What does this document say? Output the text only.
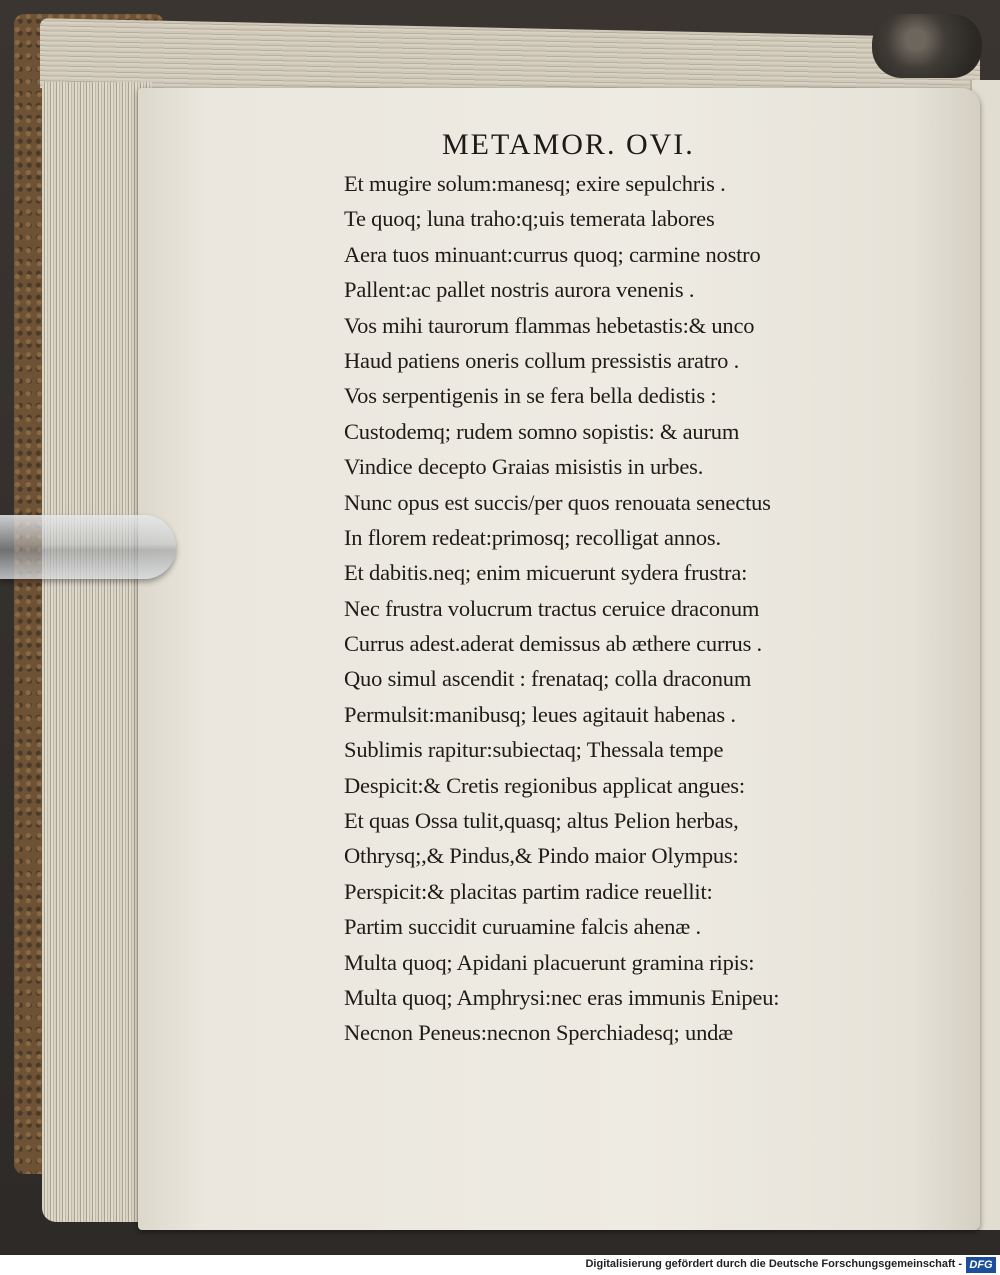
METAMOR. OVI.
Et mugire solum:manesq; exire sepulchris .
Te quoq; luna traho:q;uis temerata labores
Aera tuos minuant:currus quoq; carmine nostro
Pallent:ac pallet nostris aurora venenis .
Vos mihi taurorum flammas hebetastis:& unco
Haud patiens oneris collum pressistis aratro .
Vos serpentigenis in se fera bella dedistis :
Custodemq; rudem somno sopistis: & aurum
Vindice decepto Graias misistis in urbes.
Nunc opus est succis/per quos renouata senectus
In florem redeat:primosq; recolligat annos.
Et dabitis.neq; enim micuerunt sydera frustra:
Nec frustra volucrum tractus ceruice draconum
Currus adest.aderat demissus ab æthere currus .
Quo simul ascendit : frenataq; colla draconum
Permulsit:manibusq; leues agitauit habenas .
Sublimis rapitur:subiectaq; Thessala tempe
Despicit:& Cretis regionibus applicat angues:
Et quas Ossa tulit,quasq; altus Pelion herbas,
Othrysq;,& Pindus,& Pindo maior Olympus:
Perspicit:& placitas partim radice reuellit:
Partim succidit curuamine falcis ahenæ .
Multa quoq; Apidani placuerunt gramina ripis:
Multa quoq; Amphrysi:nec eras immunis Enipeu:
Necnon Peneus:necnon Sperchiadesq; undæ
Digitalisierung gefördert durch die Deutsche Forschungsgemeinschaft - DFG
